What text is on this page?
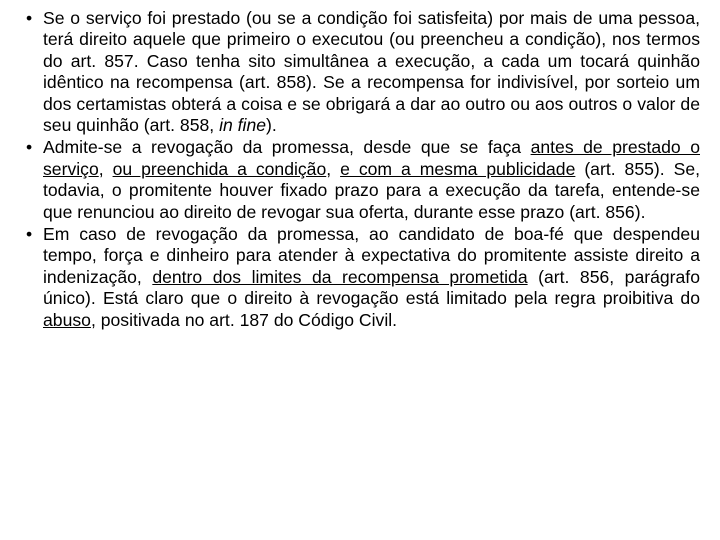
• Se o serviço foi prestado (ou se a condição foi satisfeita) por mais de uma pessoa, terá direito aquele que primeiro o executou (ou preencheu a condição), nos termos do art. 857. Caso tenha sito simultânea a execução, a cada um tocará quinhão idêntico na recompensa (art. 858). Se a recompensa for indivisível, por sorteio um dos certamistas obterá a coisa e se obrigará a dar ao outro ou aos outros o valor de seu quinhão (art. 858, in fine).
• Admite-se a revogação da promessa, desde que se faça antes de prestado o serviço, ou preenchida a condição, e com a mesma publicidade (art. 855). Se, todavia, o promitente houver fixado prazo para a execução da tarefa, entende-se que renunciou ao direito de revogar sua oferta, durante esse prazo (art. 856).
• Em caso de revogação da promessa, ao candidato de boa-fé que despendeu tempo, força e dinheiro para atender à expectativa do promitente assiste direito a indenização, dentro dos limites da recompensa prometida (art. 856, parágrafo único). Está claro que o direito à revogação está limitado pela regra proibitiva do abuso, positivada no art. 187 do Código Civil.
